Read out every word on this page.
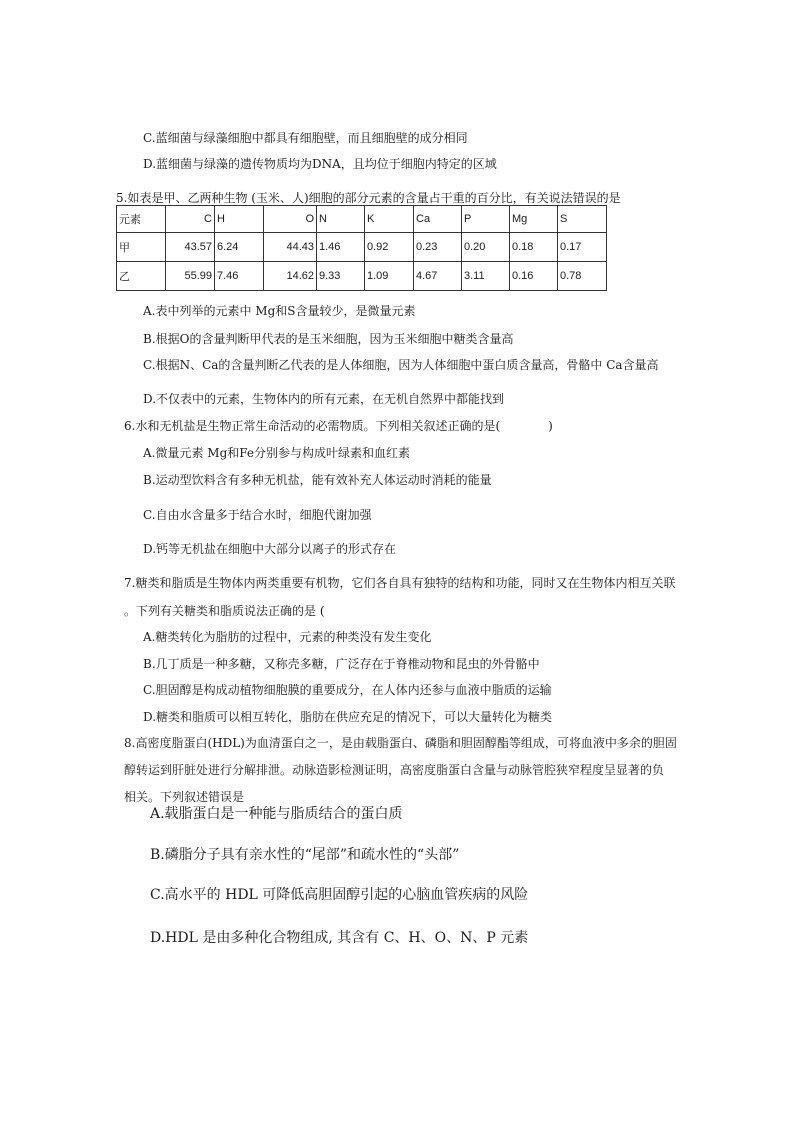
C.蓝细菌与绿藻细胞中都具有细胞壁，而且细胞壁的成分相同
D.蓝细菌与绿藻的遗传物质均为DNA，且均位于细胞内特定的区域
5.如表是甲、乙两种生物 (玉米、人)细胞的部分元素的含量占干重的百分比，有关说法错误的是
元素	C	H	O	N	K	Ca	P	Mg	S
甲	43.57	6.24	44.43	1.46	0.92	0.23	0.20	0.18	0.17
乙	55.99	7.46	14.62	9.33	1.09	4.67	3.11	0.16	0.78
A.表中列举的元素中 Mg和S含量较少，是微量元素
B.根据O的含量判断甲代表的是玉米细胞，因为玉米细胞中糖类含量高
C.根据N、Ca的含量判断乙代表的是人体细胞，因为人体细胞中蛋白质含量高，骨骼中 Ca含量高
D.不仅表中的元素，生物体内的所有元素，在无机自然界中都能找到
6.水和无机盐是生物正常生命活动的必需物质。下列相关叙述正确的是(　　　　)
A.微量元素 Mg和Fe分别参与构成叶绿素和血红素
B.运动型饮料含有多种无机盐，能有效补充人体运动时消耗的能量
C.自由水含量多于结合水时，细胞代谢加强
D.钙等无机盐在细胞中大部分以离子的形式存在
7.糖类和脂质是生物体内两类重要有机物，它们各自具有独特的结构和功能，同时又在生物体内相互关联
。下列有关糖类和脂质说法正确的是 (
A.糖类转化为脂肪的过程中，元素的种类没有发生变化
B.几丁质是一种多糖，又称壳多糖，广泛存在于脊椎动物和昆虫的外骨骼中
C.胆固醇是构成动植物细胞膜的重要成分，在人体内还参与血液中脂质的运输
D.糖类和脂质可以相互转化，脂肪在供应充足的情况下，可以大量转化为糖类
8.高密度脂蛋白(HDL)为血清蛋白之一，是由载脂蛋白、磷脂和胆固醇酯等组成，可将血液中多余的胆固
醇转运到肝脏处进行分解排泄。动脉造影检测证明，高密度脂蛋白含量与动脉管腔狭窄程度呈显著的负
相关。下列叙述错误是
A.载脂蛋白是一种能与脂质结合的蛋白质
B.磷脂分子具有亲水性的“尾部”和疏水性的“头部”
C.高水平的 HDL 可降低高胆固醇引起的心脑血管疾病的风险
D.HDL 是由多种化合物组成, 其含有 C、H、O、N、P 元素
